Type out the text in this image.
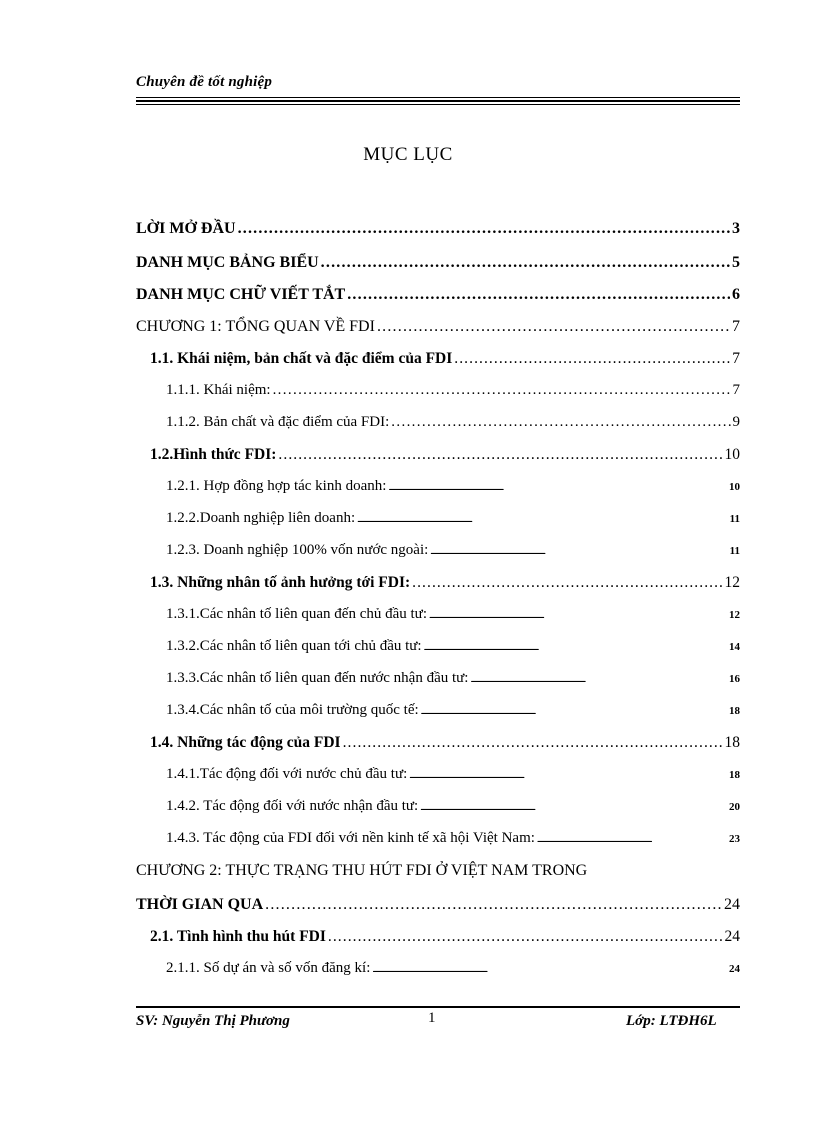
Chuyên đề tốt nghiệp
MỤC LỤC
LỜI MỞ ĐẦU . . .	3
DANH MỤC BẢNG BIỂU . . .	5
DANH MỤC CHỮ VIẾT TẮT . . .	6
CHƯƠNG 1: TỔNG QUAN VỀ FDI . . .	7
1.1. Khái niệm, bản chất và đặc điểm của FDI . . .	7
1.1.1. Khái niệm: . . .	7
1.1.2. Bản chất và đặc điểm của FDI: . . .	9
1.2.Hình thức FDI: . . .	10
1.2.1. Hợp đồng hợp tác kinh doanh: . . .	10
1.2.2.Doanh nghiệp liên doanh: . . .	11
1.2.3. Doanh nghiệp 100% vốn nước ngoài: . . .	11
1.3. Những nhân tố ảnh hưởng tới FDI: . . .	12
1.3.1.Các nhân tố liên quan đến chủ đầu tư: . . .	12
1.3.2.Các nhân tố liên quan tới chủ đầu tư: . . .	14
1.3.3.Các nhân tố liên quan đến nước nhận đầu tư: . . .	16
1.3.4.Các nhân tố của môi trường quốc tế: . . .	18
1.4. Những tác động của FDI . . .	18
1.4.1.Tác động đối với nước chủ đầu tư: . . .	18
1.4.2. Tác động đối với nước nhận đầu tư: . . .	20
1.4.3. Tác động của FDI đối với nền kinh tế xã hội Việt Nam: . . .	23
CHƯƠNG 2: THỰC TRẠNG THU HÚT FDI Ở VIỆT NAM TRONG
THỜI GIAN QUA . . .	24
2.1. Tình hình thu hút FDI . . .	24
2.1.1. Số dự án và số vốn đăng kí: . . .	24
SV: Nguyễn Thị Phương	1	Lớp: LTĐH6L
